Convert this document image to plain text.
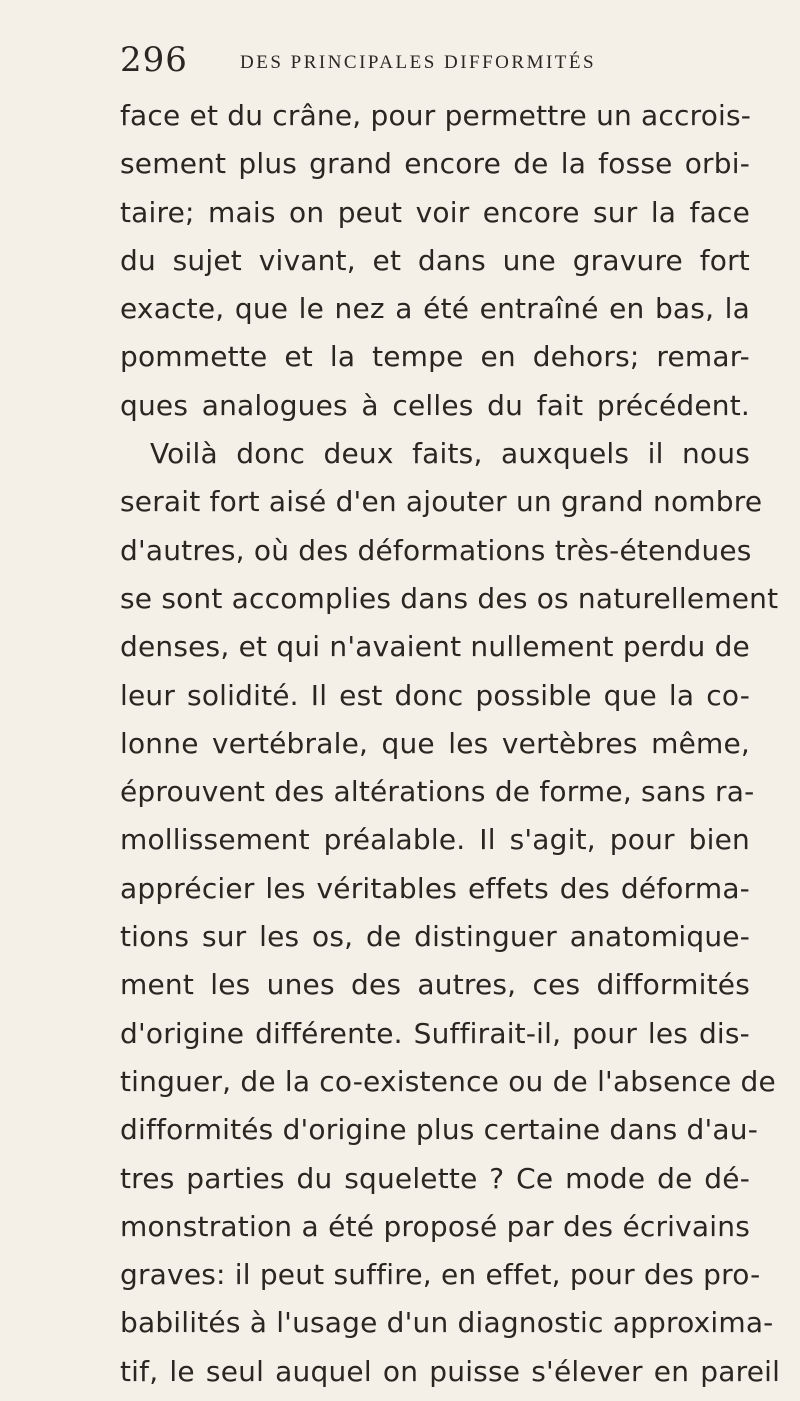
296	DES PRINCIPALES DIFFORMITÉS
face et du crâne, pour permettre un accrois-
sement plus grand encore de la fosse orbi-
taire; mais on peut voir encore sur la face
du sujet vivant, et dans une gravure fort
exacte, que le nez a été entraîné en bas, la
pommette et la tempe en dehors; remar-
ques analogues à celles du fait précédent.
Voilà donc deux faits, auxquels il nous
serait fort aisé d'en ajouter un grand nombre
d'autres, où des déformations très-étendues
se sont accomplies dans des os naturellement
denses, et qui n'avaient nullement perdu de
leur solidité. Il est donc possible que la co-
lonne vertébrale, que les vertèbres même,
éprouvent des altérations de forme, sans ra-
mollissement préalable. Il s'agit, pour bien
apprécier les véritables effets des déforma-
tions sur les os, de distinguer anatomique-
ment les unes des autres, ces difformités
d'origine différente. Suffirait-il, pour les dis-
tinguer, de la co-existence ou de l'absence de
difformités d'origine plus certaine dans d'au-
tres parties du squelette ? Ce mode de dé-
monstration a été proposé par des écrivains
graves: il peut suffire, en effet, pour des pro-
babilités à l'usage d'un diagnostic approxima-
tif, le seul auquel on puisse s'élever en pareil
